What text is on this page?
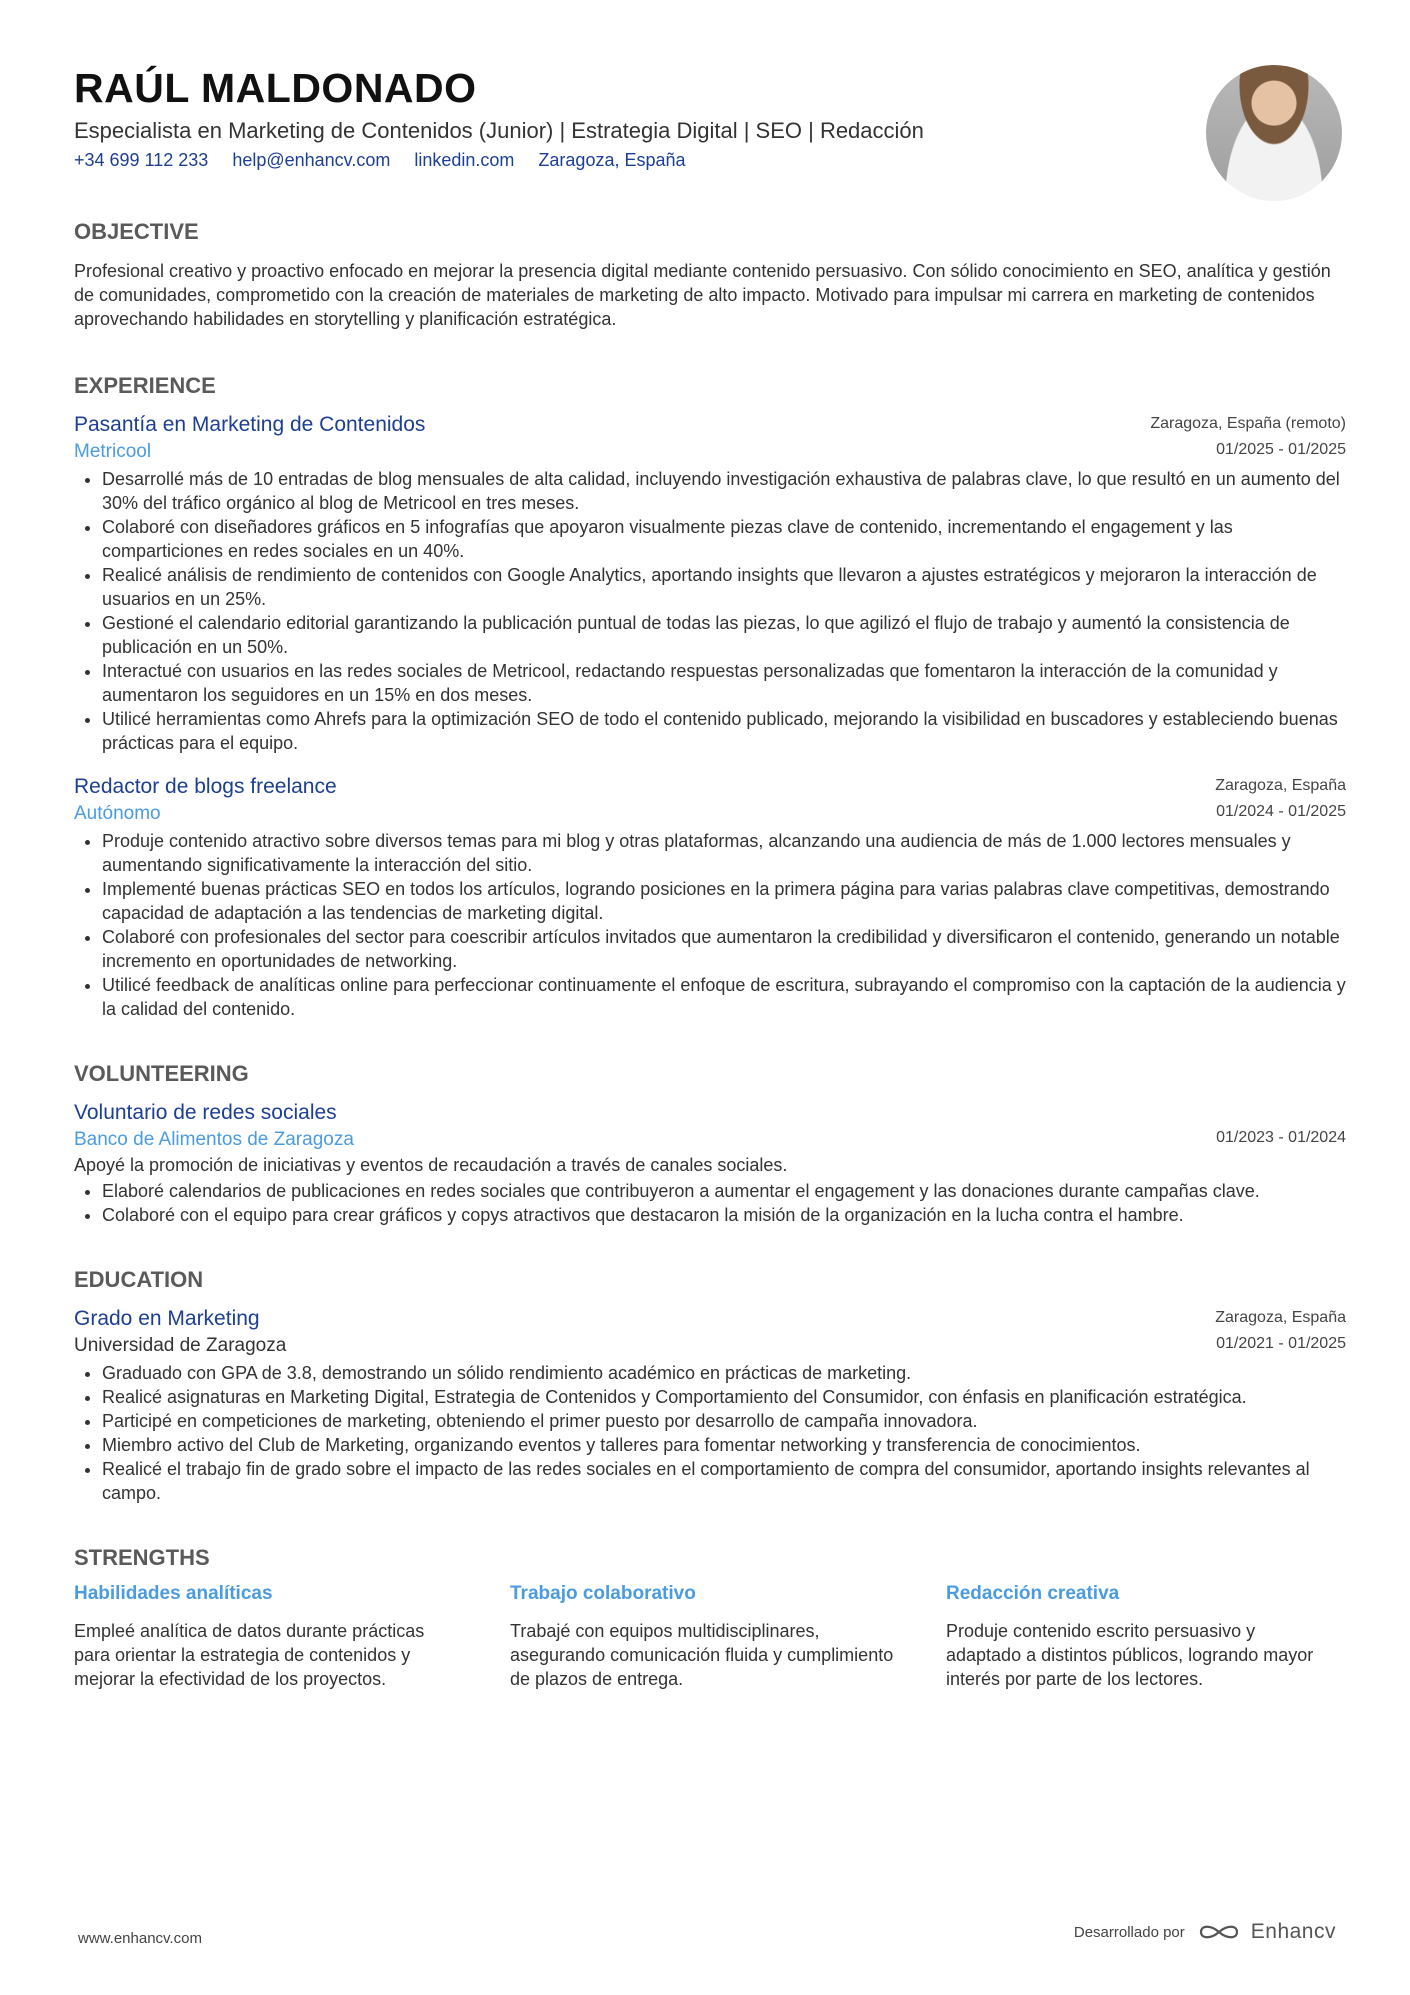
RAÚL MALDONADO
Especialista en Marketing de Contenidos (Junior) | Estrategia Digital | SEO | Redacción
+34 699 112 233 help@enhancv.com linkedin.com Zaragoza, España
OBJECTIVE
Profesional creativo y proactivo enfocado en mejorar la presencia digital mediante contenido persuasivo. Con sólido conocimiento en SEO, analítica y gestión de comunidades, comprometido con la creación de materiales de marketing de alto impacto. Motivado para impulsar mi carrera en marketing de contenidos aprovechando habilidades en storytelling y planificación estratégica.
EXPERIENCE
Pasantía en Marketing de Contenidos
Metricool
Zaragoza, España (remoto)
01/2025 - 01/2025
• Desarrollé más de 10 entradas de blog mensuales de alta calidad, incluyendo investigación exhaustiva de palabras clave, lo que resultó en un aumento del 30% del tráfico orgánico al blog de Metricool en tres meses.
• Colaboré con diseñadores gráficos en 5 infografías que apoyaron visualmente piezas clave de contenido, incrementando el engagement y las comparticiones en redes sociales en un 40%.
• Realicé análisis de rendimiento de contenidos con Google Analytics, aportando insights que llevaron a ajustes estratégicos y mejoraron la interacción de usuarios en un 25%.
• Gestioné el calendario editorial garantizando la publicación puntual de todas las piezas, lo que agilizó el flujo de trabajo y aumentó la consistencia de publicación en un 50%.
• Interactué con usuarios en las redes sociales de Metricool, redactando respuestas personalizadas que fomentaron la interacción de la comunidad y aumentaron los seguidores en un 15% en dos meses.
• Utilicé herramientas como Ahrefs para la optimización SEO de todo el contenido publicado, mejorando la visibilidad en buscadores y estableciendo buenas prácticas para el equipo.
Redactor de blogs freelance
Autónomo
Zaragoza, España
01/2024 - 01/2025
• Produje contenido atractivo sobre diversos temas para mi blog y otras plataformas, alcanzando una audiencia de más de 1.000 lectores mensuales y aumentando significativamente la interacción del sitio.
• Implementé buenas prácticas SEO en todos los artículos, logrando posiciones en la primera página para varias palabras clave competitivas, demostrando capacidad de adaptación a las tendencias de marketing digital.
• Colaboré con profesionales del sector para coescribir artículos invitados que aumentaron la credibilidad y diversificaron el contenido, generando un notable incremento en oportunidades de networking.
• Utilicé feedback de analíticas online para perfeccionar continuamente el enfoque de escritura, subrayando el compromiso con la captación de la audiencia y la calidad del contenido.
VOLUNTEERING
Voluntario de redes sociales
Banco de Alimentos de Zaragoza	01/2023 - 01/2024
Apoyé la promoción de iniciativas y eventos de recaudación a través de canales sociales.
• Elaboré calendarios de publicaciones en redes sociales que contribuyeron a aumentar el engagement y las donaciones durante campañas clave.
• Colaboré con el equipo para crear gráficos y copys atractivos que destacaron la misión de la organización en la lucha contra el hambre.
EDUCATION
Grado en Marketing
Universidad de Zaragoza
Zaragoza, España
01/2021 - 01/2025
• Graduado con GPA de 3.8, demostrando un sólido rendimiento académico en prácticas de marketing.
• Realicé asignaturas en Marketing Digital, Estrategia de Contenidos y Comportamiento del Consumidor, con énfasis en planificación estratégica.
• Participé en competiciones de marketing, obteniendo el primer puesto por desarrollo de campaña innovadora.
• Miembro activo del Club de Marketing, organizando eventos y talleres para fomentar networking y transferencia de conocimientos.
• Realicé el trabajo fin de grado sobre el impacto de las redes sociales en el comportamiento de compra del consumidor, aportando insights relevantes al campo.
STRENGTHS
Habilidades analíticas
Empleé analítica de datos durante prácticas para orientar la estrategia de contenidos y mejorar la efectividad de los proyectos.
Trabajo colaborativo
Trabajé con equipos multidisciplinares, asegurando comunicación fluida y cumplimiento de plazos de entrega.
Redacción creativa
Produje contenido escrito persuasivo y adaptado a distintos públicos, logrando mayor interés por parte de los lectores.
www.enhancv.com	Desarrollado por	Enhancv
